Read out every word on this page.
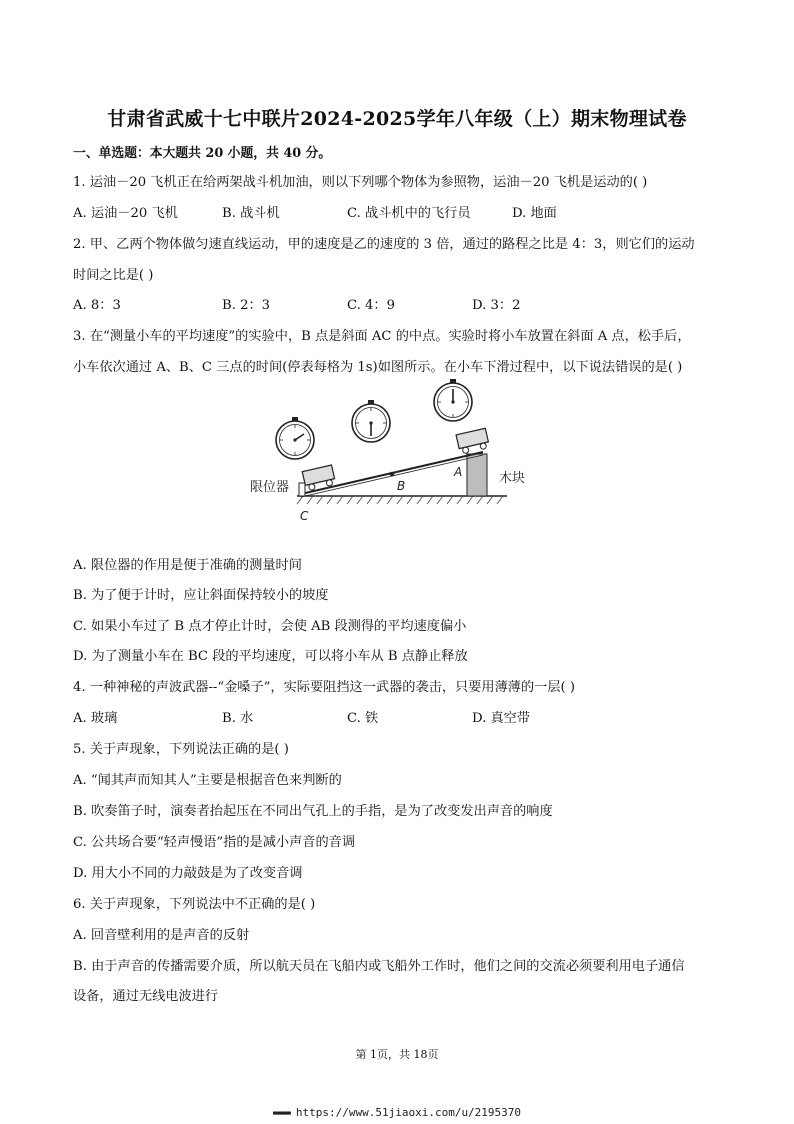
甘肃省武威十七中联片2024-2025学年八年级（上）期末物理试卷
一、单选题：本大题共 20 小题，共 40 分。
1. 运油－20 飞机正在给两架战斗机加油，则以下列哪个物体为参照物，运油－20 飞机是运动的( )
A. 运油－20 飞机	B. 战斗机	C. 战斗机中的飞行员	D. 地面
2. 甲、乙两个物体做匀速直线运动，甲的速度是乙的速度的 3 倍，通过的路程之比是 4：3，则它们的运动
时间之比是( )
A. 8：3	B. 2：3	C. 4：9	D. 3：2
3. 在“测量小车的平均速度”的实验中，B 点是斜面 AC 的中点。实验时将小车放置在斜面 A 点，松手后，
小车依次通过 A、B、C 三点的时间(停表每格为 1s)如图所示。在小车下滑过程中，以下说法错误的是( )
限位器
木块
A
B
C
A. 限位器的作用是便于准确的测量时间
B. 为了便于计时，应让斜面保持较小的坡度
C. 如果小车过了 B 点才停止计时，会使 AB 段测得的平均速度偏小
D. 为了测量小车在 BC 段的平均速度，可以将小车从 B 点静止释放
4. 一种神秘的声波武器--“金嗓子”，实际要阻挡这一武器的袭击，只要用薄薄的一层( )
A. 玻璃	B. 水	C. 铁	D. 真空带
5. 关于声现象，下列说法正确的是( )
A. “闻其声而知其人”主要是根据音色来判断的
B. 吹奏笛子时，演奏者抬起压在不同出气孔上的手指，是为了改变发出声音的响度
C. 公共场合要“轻声慢语”指的是减小声音的音调
D. 用大小不同的力敲鼓是为了改变音调
6. 关于声现象，下列说法中不正确的是( )
A. 回音壁利用的是声音的反射
B. 由于声音的传播需要介质，所以航天员在飞船内或飞船外工作时，他们之间的交流必须要利用电子通信
设备，通过无线电波进行
第 1页，共 18页
▬▬▬ https://www.51jiaoxi.com/u/2195370
